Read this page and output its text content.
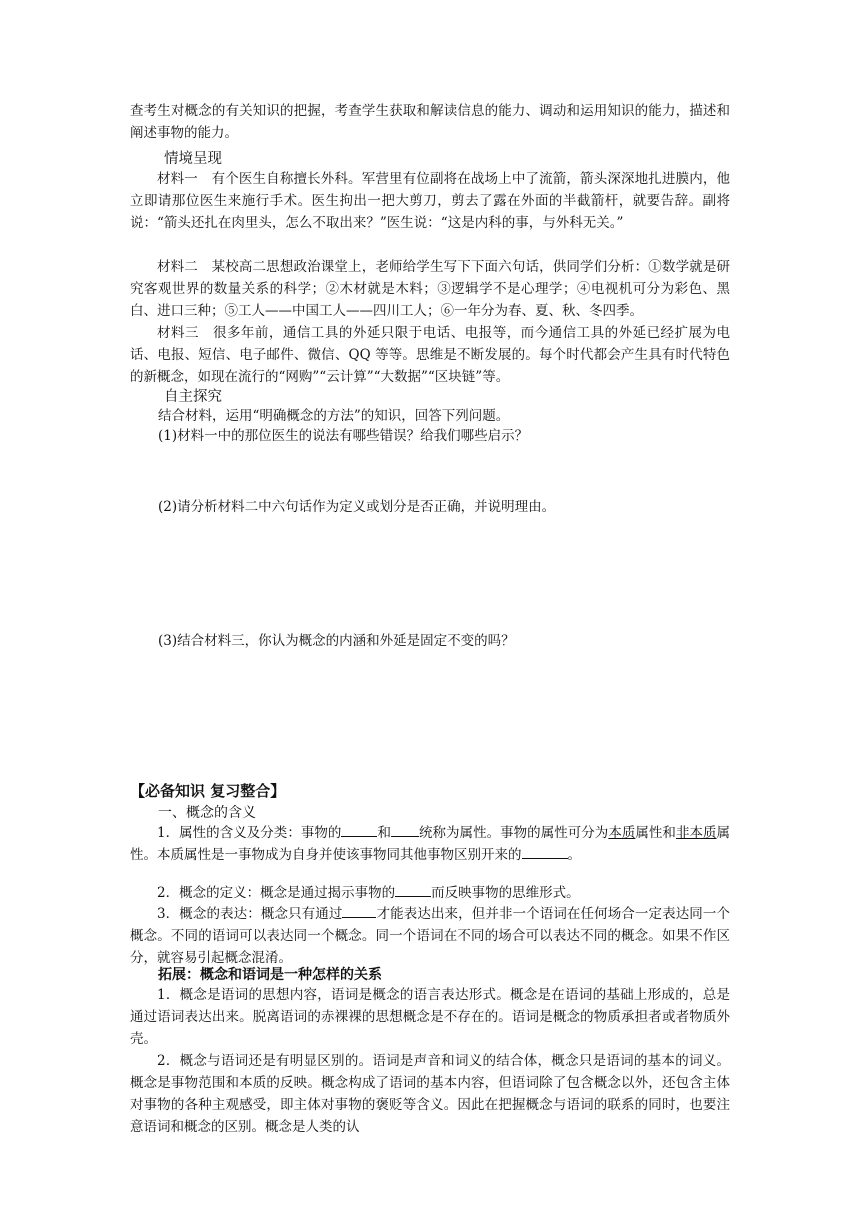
查考生对概念的有关知识的把握，考查学生获取和解读信息的能力、调动和运用知识的能力，描述和阐述事物的能力。
情境呈现
材料一  有个医生自称擅长外科。军营里有位副将在战场上中了流箭，箭头深深地扎进膜内，他立即请那位医生来施行手术。医生拘出一把大剪刀，剪去了露在外面的半截箭杆，就要告辞。副将说：“箭头还扎在肉里头，怎么不取出来？”医生说：“这是内科的事，与外科无关。”
材料二  某校高二思想政治课堂上，老师给学生写下下面六句话，供同学们分析：①数学就是研究客观世界的数量关系的科学；②木材就是木料；③逻辑学不是心理学；④电视机可分为彩色、黑白、进口三种；⑤工人——中国工人——四川工人；⑥一年分为春、夏、秋、冬四季。
材料三  很多年前，通信工具的外延只限于电话、电报等，而今通信工具的外延已经扩展为电话、电报、短信、电子邮件、微信、QQ 等等。思维是不断发展的。每个时代都会产生具有时代特色的新概念，如现在流行的“网购”“云计算”“大数据”“区块链”等。
自主探究
结合材料，运用“明确概念的方法”的知识，回答下列问题。
(1)材料一中的那位医生的说法有哪些错误？给我们哪些启示？
(2)请分析材料二中六句话作为定义或划分是否正确，并说明理由。
(3)结合材料三，你认为概念的内涵和外延是固定不变的吗？
【必备知识 复习整合】
一、概念的含义
1．属性的含义及分类：事物的	和 统称为属性。事物的属性可分为本质属性和非本质属性。本质属性是一事物成为自身并使该事物同其他事物区别开来的	。
2．概念的定义：概念是通过揭示事物的	而反映事物的思维形式。
3．概念的表达：概念只有通过	才能表达出来，但并非一个语词在任何场合一定表达同一个概念。不同的语词可以表达同一个概念。同一个语词在不同的场合可以表达不同的概念。如果不作区分，就容易引起概念混淆。
拓展：概念和语词是一种怎样的关系
1．概念是语词的思想内容，语词是概念的语言表达形式。概念是在语词的基础上形成的，总是通过语词表达出来。脱离语词的赤裸裸的思想概念是不存在的。语词是概念的物质承担者或者物质外壳。
2．概念与语词还是有明显区别的。语词是声音和词义的结合体，概念只是语词的基本的词义。概念是事物范围和本质的反映。概念构成了语词的基本内容，但语词除了包含概念以外，还包含主体对事物的各种主观感受，即主体对事物的褒贬等含义。因此在把握概念与语词的联系的同时，也要注意语词和概念的区别。概念是人类的认
